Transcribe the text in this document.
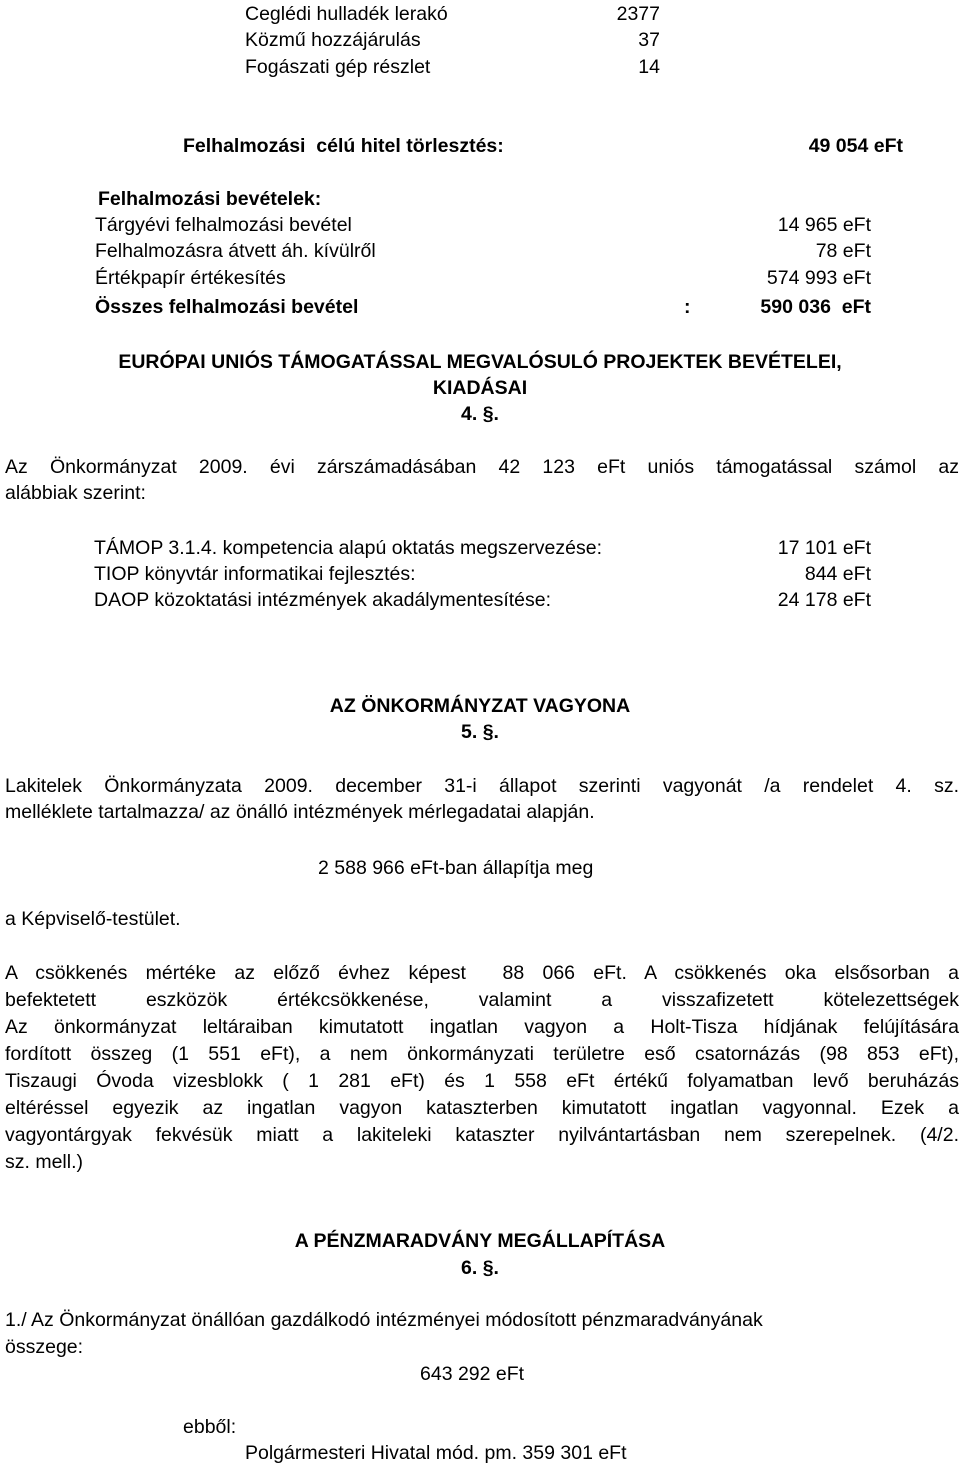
Ceglédi hulladék lerakó	2377
Közmű hozzájárulás	37
Fogászati gép részlet	14
Felhalmozási  célú hitel törlesztés:	49 054 eFt
Felhalmozási bevételek:
Tárgyévi felhalmozási bevétel	14 965 eFt
Felhalmozásra átvett áh. kívülről	78 eFt
Értékpapír értékesítés	574 993 eFt
Összes felhalmozási bevétel	:	590 036  eFt
EURÓPAI UNIÓS TÁMOGATÁSSAL MEGVALÓSULÓ PROJEKTEK BEVÉTELEI,
KIADÁSAI
4. §.
Az Önkormányzat 2009. évi zárszámadásában 42 123 eFt uniós támogatással számol az
alábbiak szerint:
TÁMOP 3.1.4. kompetencia alapú oktatás megszervezése:	17 101 eFt
TIOP könyvtár informatikai fejlesztés:	844 eFt
DAOP közoktatási intézmények akadálymentesítése:	24 178 eFt
AZ ÖNKORMÁNYZAT VAGYONA
5. §.
Lakitelek Önkormányzata 2009. december 31-i állapot szerinti vagyonát /a rendelet 4. sz.
melléklete tartalmazza/ az önálló intézmények mérlegadatai alapján.
2 588 966 eFt-ban állapítja meg
a Képviselő-testület.
A csökkenés mértéke az előző évhez képest  88 066 eFt. A csökkenés oka elsősorban a
befektetett eszközök értékcsökkenése, valamint a visszafizetett kötelezettségek
Az önkormányzat leltáraiban kimutatott ingatlan vagyon a Holt-Tisza hídjának felújítására
fordított összeg (1 551 eFt), a nem önkormányzati területre eső csatornázás (98 853 eFt),
Tiszaugi Óvoda vizesblokk ( 1 281 eFt) és 1 558 eFt értékű folyamatban levő beruházás
eltéréssel egyezik az ingatlan vagyon kataszterben kimutatott ingatlan vagyonnal. Ezek a
vagyontárgyak fekvésük miatt a lakiteleki kataszter nyilvántartásban nem szerepelnek. (4/2.
sz. mell.)
A PÉNZMARADVÁNY MEGÁLLAPÍTÁSA
6. §.
1./ Az Önkormányzat önállóan gazdálkodó intézményei módosított pénzmaradványának
összege:
643 292 eFt
ebből:
Polgármesteri Hivatal mód. pm. 359 301 eFt
